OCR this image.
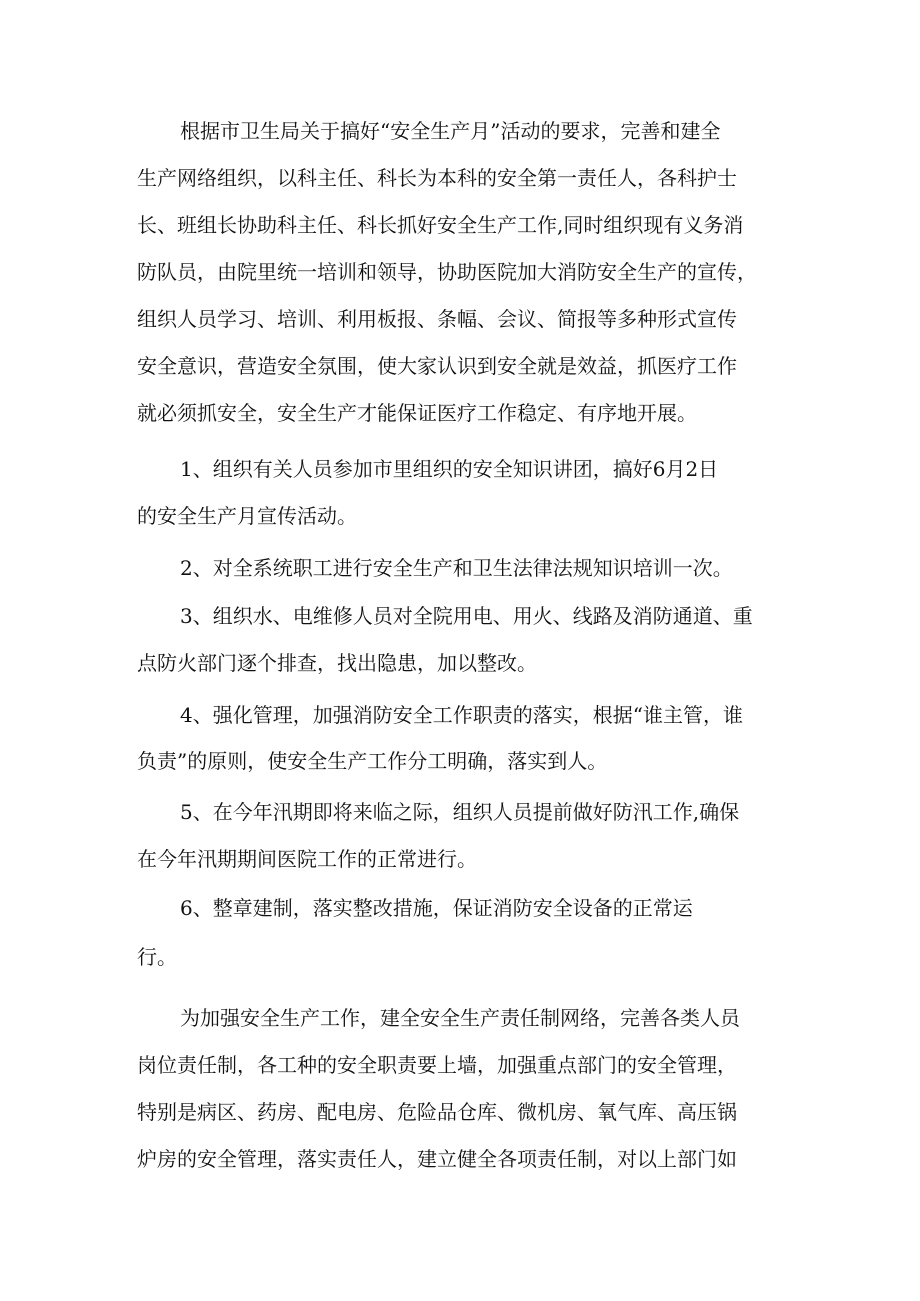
根据市卫生局关于搞好“安全生产月”活动的要求，完善和建全

生产网络组织，以科主任、科长为本科的安全第一责任人，各科护士

长、班组长协助科主任、科长抓好安全生产工作,同时组织现有义务消

防队员，由院里统一培训和领导，协助医院加大消防安全生产的宣传，

组织人员学习、培训、利用板报、条幅、会议、简报等多种形式宣传

安全意识，营造安全氛围，使大家认识到安全就是效益，抓医疗工作

就必须抓安全，安全生产才能保证医疗工作稳定、有序地开展。

1、组织有关人员参加市里组织的安全知识讲团，搞好6月2日

的安全生产月宣传活动。

2、对全系统职工进行安全生产和卫生法律法规知识培训一次。

3、组织水、电维修人员对全院用电、用火、线路及消防通道、重

点防火部门逐个排查，找出隐患，加以整改。

4、强化管理，加强消防安全工作职责的落实，根据“谁主管，谁

负责”的原则，使安全生产工作分工明确，落实到人。

5、在今年汛期即将来临之际，组织人员提前做好防汛工作,确保

在今年汛期期间医院工作的正常进行。

6、整章建制，落实整改措施，保证消防安全设备的正常运

行。

为加强安全生产工作，建全安全生产责任制网络，完善各类人员

岗位责任制，各工种的安全职责要上墙，加强重点部门的安全管理，

特别是病区、药房、配电房、危险品仓库、微机房、氧气库、高压锅

炉房的安全管理，落实责任人，建立健全各项责任制，对以上部门如
